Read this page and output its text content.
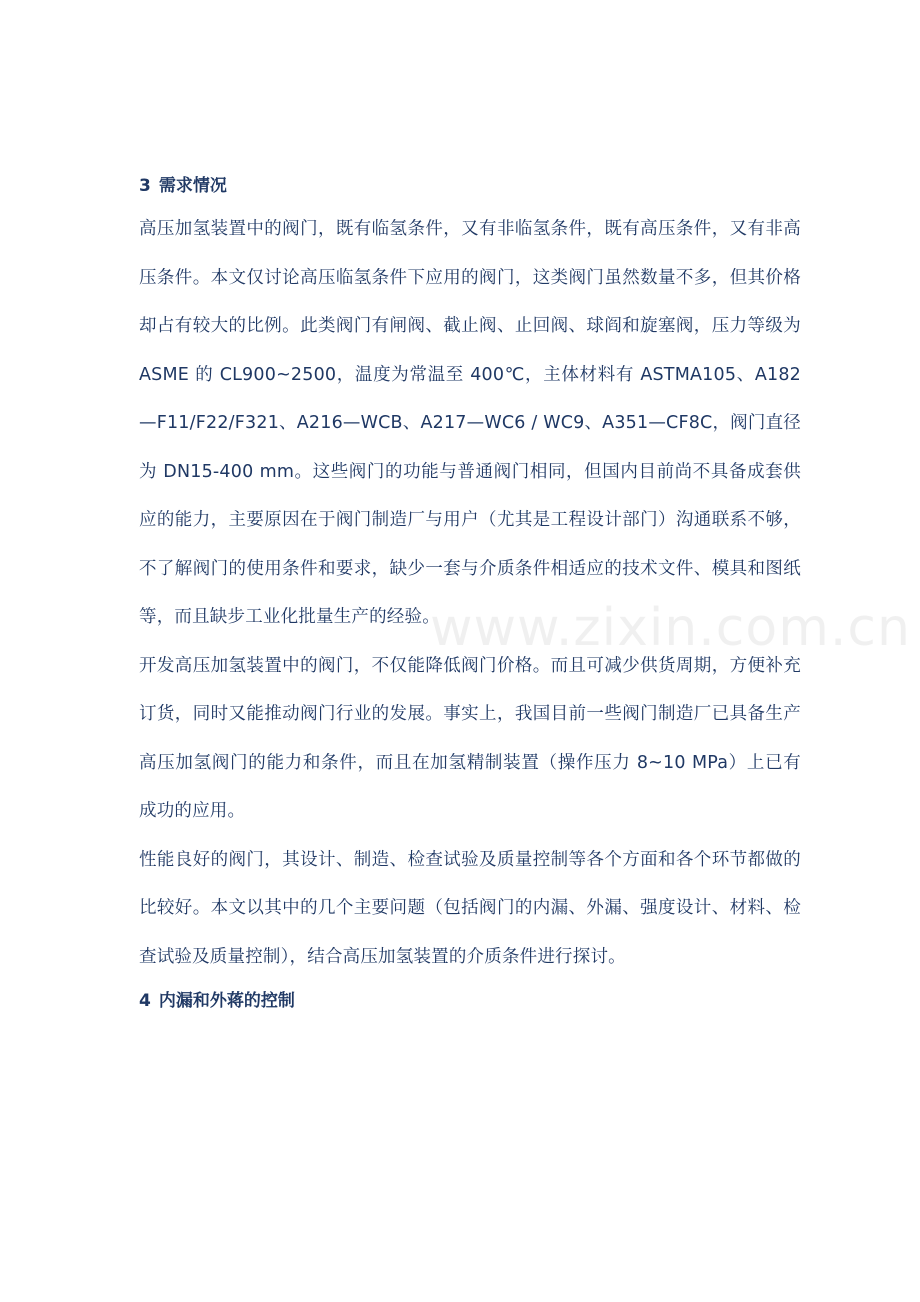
3 需求情况

高压加氢装置中的阀门，既有临氢条件，又有非临氢条件，既有高压条件，又有非高压条件。本文仅讨论高压临氢条件下应用的阀门，这类阀门虽然数量不多，但其价格却占有较大的比例。此类阀门有闸阀、截止阀、止回阀、球阎和旋塞阀，压力等级为 ASME 的 CL900~2500，温度为常温至 400℃，主体材料有 ASTMA105、A182—F11/F22/F321、A216—WCB、A217—WC6 / WC9、A351—CF8C，阀门直径为 DN15-400 mm。这些阀门的功能与普通阀门相同，但国内目前尚不具备成套供应的能力，主要原因在于阀门制造厂与用户（尤其是工程设计部门）沟通联系不够，不了解阀门的使用条件和要求，缺少一套与介质条件相适应的技术文件、模具和图纸等，而且缺步工业化批量生产的经验。

开发高压加氢装置中的阀门，不仅能降低阀门价格。而且可减少供货周期，方便补充订货，同时又能推动阀门行业的发展。事实上，我国目前一些阀门制造厂已具备生产高压加氢阀门的能力和条件，而且在加氢精制装置（操作压力 8~10 MPa）上已有成功的应用。

性能良好的阀门，其设计、制造、检查试验及质量控制等各个方面和各个环节都做的比较好。本文以其中的几个主要问题（包括阀门的内漏、外漏、强度设计、材料、检查试验及质量控制），结合高压加氢装置的介质条件进行探讨。

4 内漏和外蒋的控制
www.zixin.com.cn
